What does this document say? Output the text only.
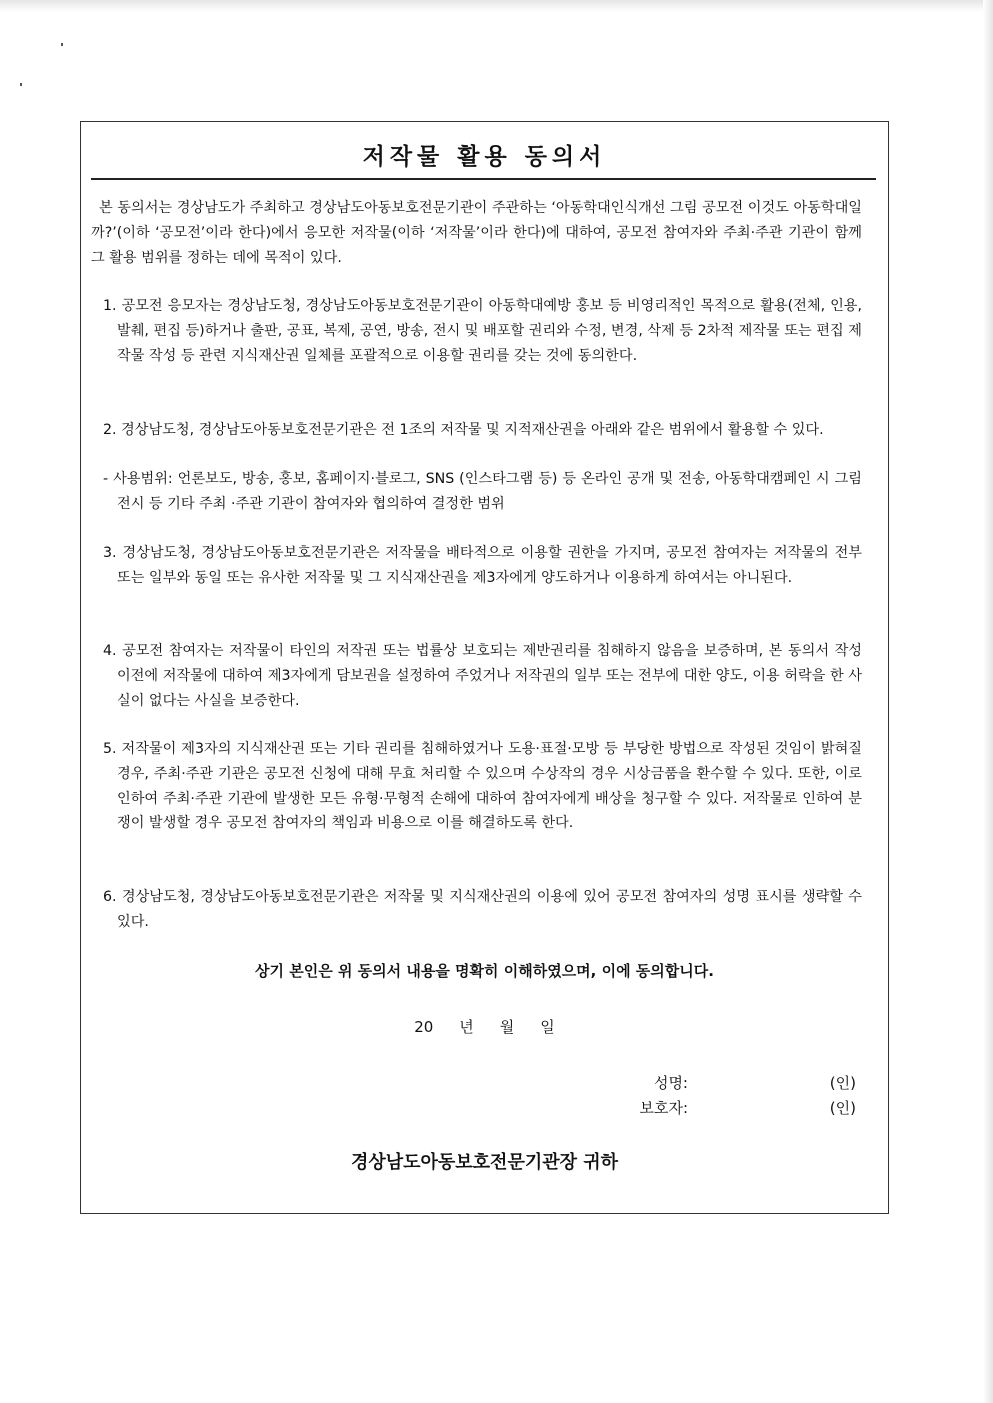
저작물 활용 동의서

본 동의서는 경상남도가 주최하고 경상남도아동보호전문기관이 주관하는 ‘아동학대인식개선 그림 공모전 이것도 아동학대일까?’(이하 ‘공모전’이라 한다)에서 응모한 저작물(이하 ‘저작물’이라 한다)에 대하여, 공모전 참여자와 주최·주관 기관이 함께 그 활용 범위를 정하는 데에 목적이 있다.

1. 공모전 응모자는 경상남도청, 경상남도아동보호전문기관이 아동학대예방 홍보 등 비영리적인 목적으로 활용(전체, 인용, 발췌, 편집 등)하거나 출판, 공표, 복제, 공연, 방송, 전시 및 배포할 권리와 수정, 변경, 삭제 등 2차적 제작물 또는 편집 제작물 작성 등 관련 지식재산권 일체를 포괄적으로 이용할 권리를 갖는 것에 동의한다.

2. 경상남도청, 경상남도아동보호전문기관은 전 1조의 저작물 및 지적재산권을 아래와 같은 범위에서 활용할 수 있다.

- 사용범위: 언론보도, 방송, 홍보, 홈페이지·블로그, SNS (인스타그램 등) 등 온라인 공개 및 전송, 아동학대캠페인 시 그림 전시 등 기타 주최 ·주관 기관이 참여자와 협의하여 결정한 범위

3. 경상남도청, 경상남도아동보호전문기관은 저작물을 배타적으로 이용할 권한을 가지며, 공모전 참여자는 저작물의 전부 또는 일부와 동일 또는 유사한 저작물 및 그 지식재산권을 제3자에게 양도하거나 이용하게 하여서는 아니된다.

4. 공모전 참여자는 저작물이 타인의 저작권 또는 법률상 보호되는 제반권리를 침해하지 않음을 보증하며, 본 동의서 작성 이전에 저작물에 대하여 제3자에게 담보권을 설정하여 주었거나 저작권의 일부 또는 전부에 대한 양도, 이용 허락을 한 사실이 없다는 사실을 보증한다.

5. 저작물이 제3자의 지식재산권 또는 기타 권리를 침해하였거나 도용·표절·모방 등 부당한 방법으로 작성된 것임이 밝혀질 경우, 주최·주관 기관은 공모전 신청에 대해 무효 처리할 수 있으며 수상작의 경우 시상금품을 환수할 수 있다. 또한, 이로 인하여 주최·주관 기관에 발생한 모든 유형·무형적 손해에 대하여 참여자에게 배상을 청구할 수 있다. 저작물로 인하여 분쟁이 발생할 경우 공모전 참여자의 책임과 비용으로 이를 해결하도록 한다.

6. 경상남도청, 경상남도아동보호전문기관은 저작물 및 지식재산권의 이용에 있어 공모전 참여자의 성명 표시를 생략할 수 있다.

상기 본인은 위 동의서 내용을 명확히 이해하였으며, 이에 동의합니다.

20 년 월 일

성명:	(인)
보호자:	(인)

경상남도아동보호전문기관장 귀하
